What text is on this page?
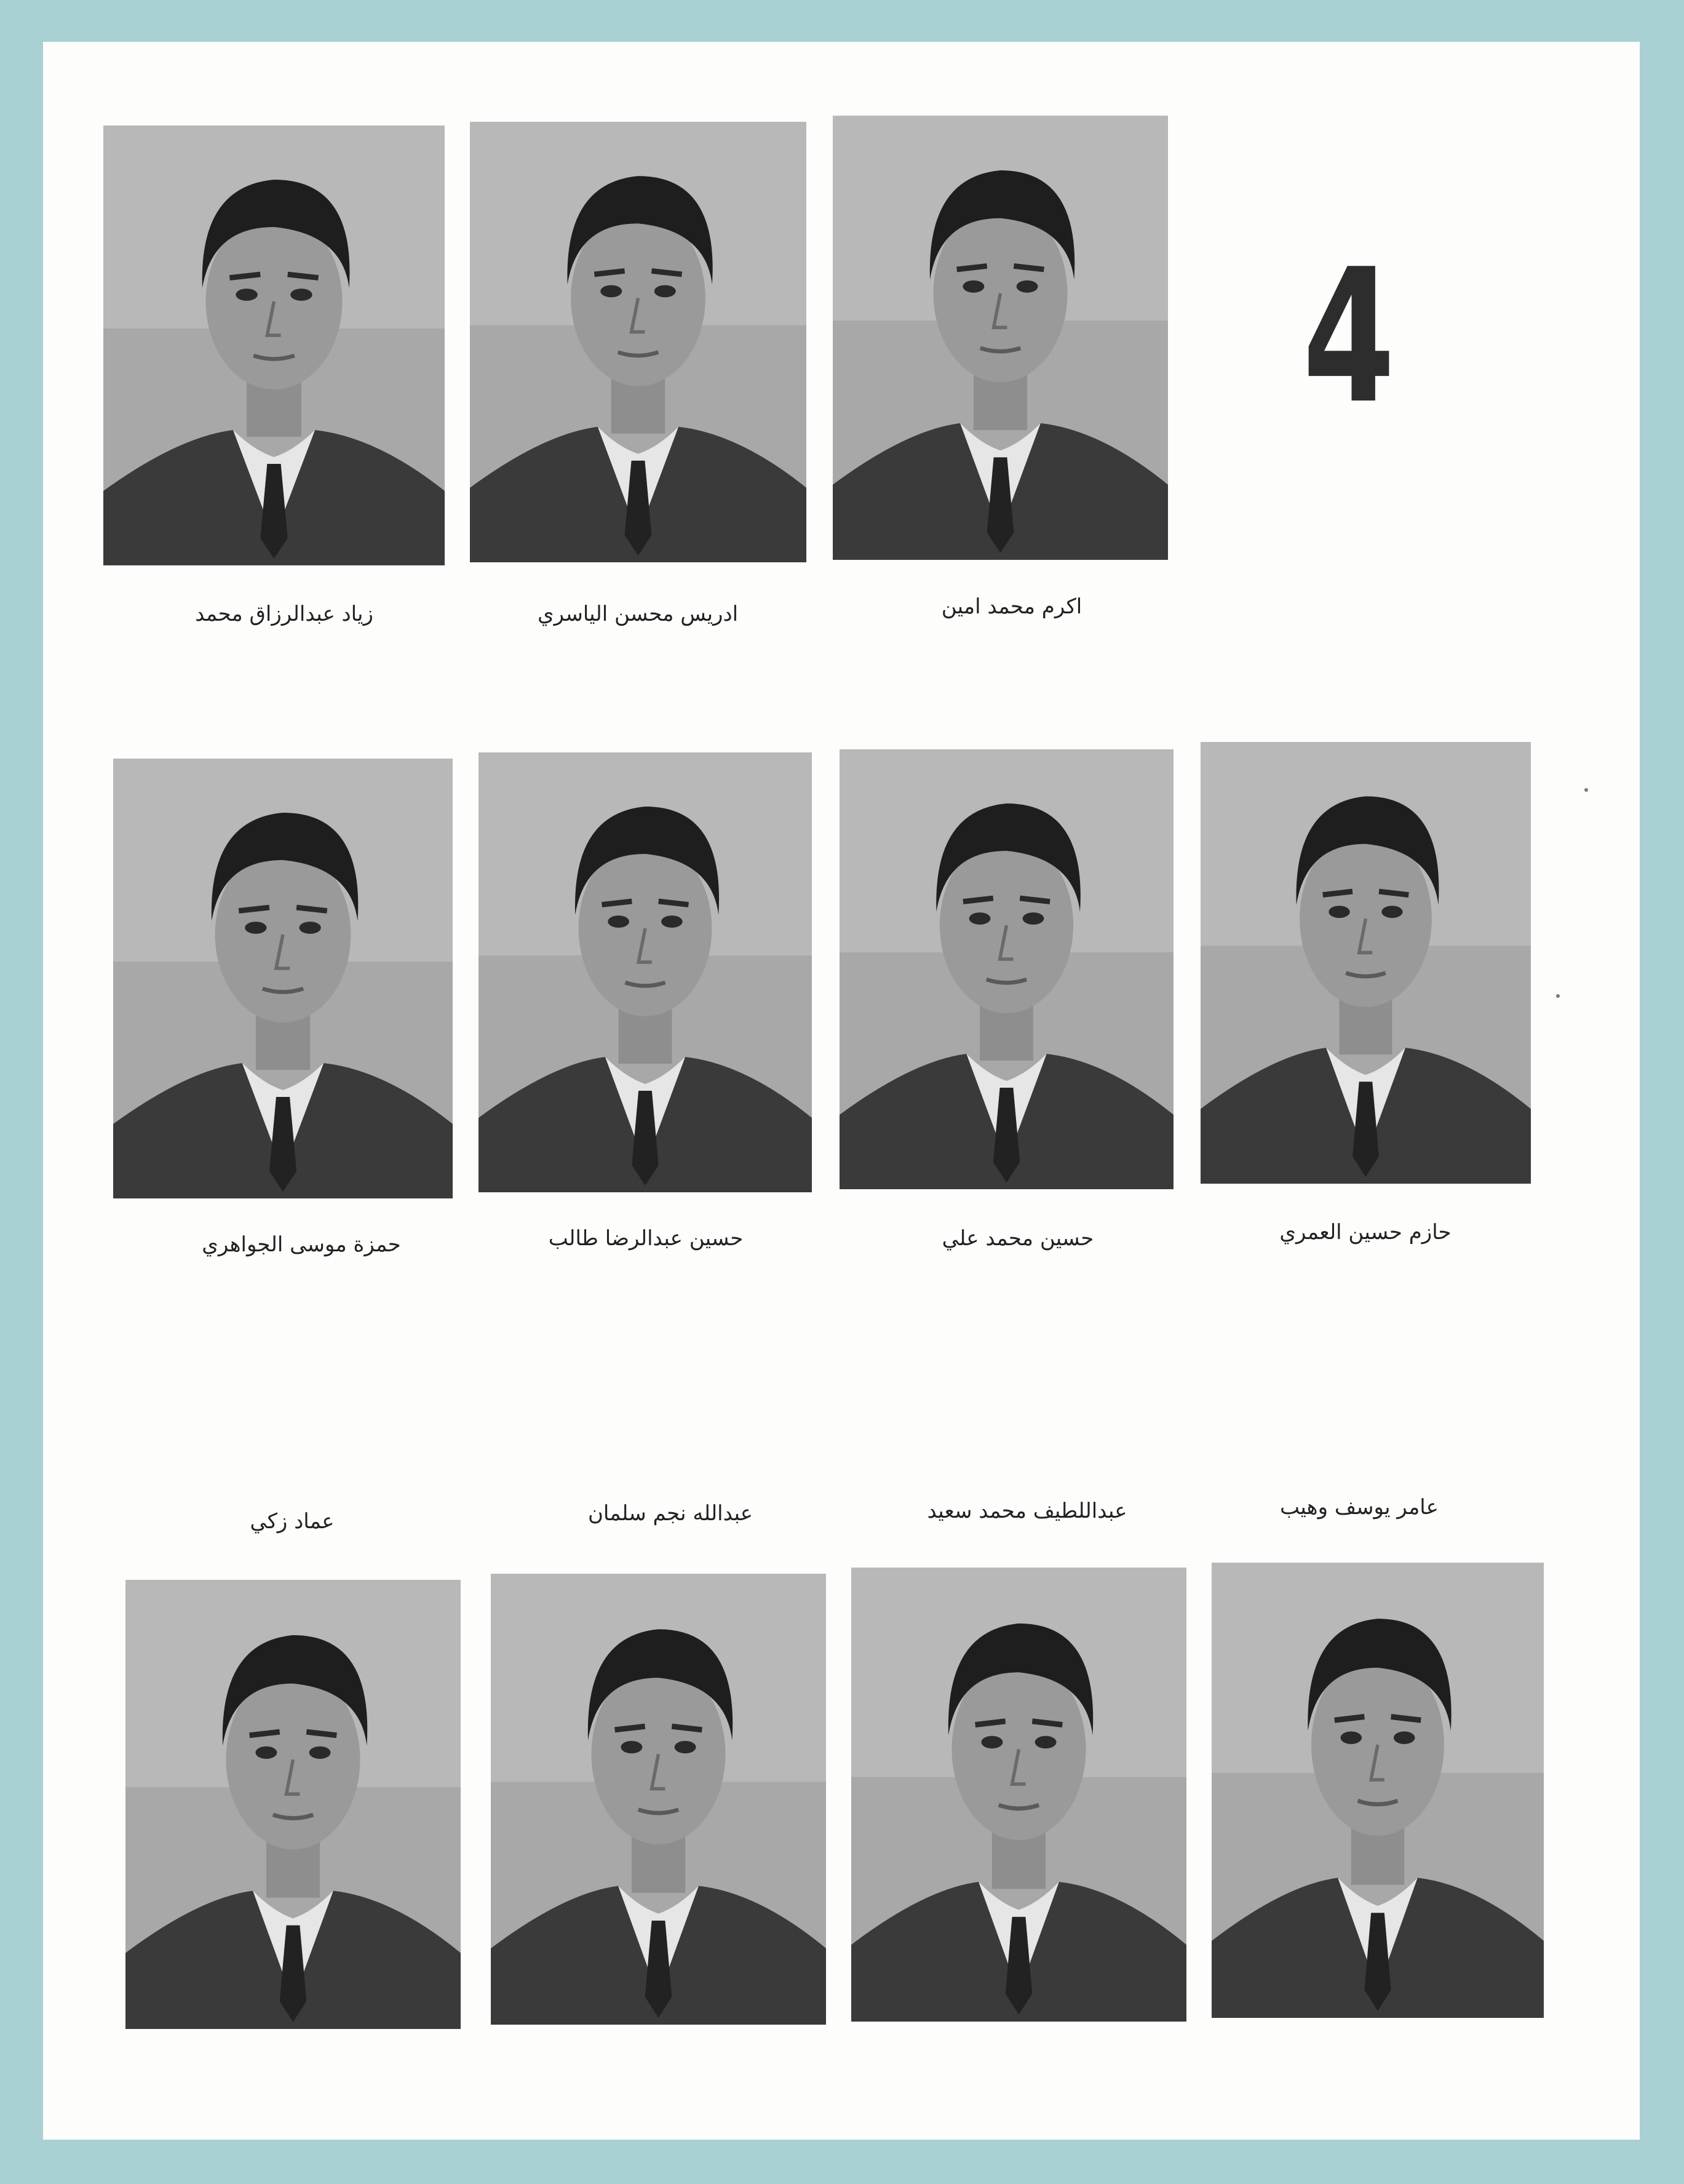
4
زياد عبدالرزاق محمد	ادريس محسن الياسري	اكرم محمد امين
حمزة موسى الجواهري	حسين عبدالرضا طالب	حسين محمد علي	حازم حسين العمري
عماد زكي	عبدالله نجم سلمان	عبداللطيف محمد سعيد	عامر يوسف وهيب
